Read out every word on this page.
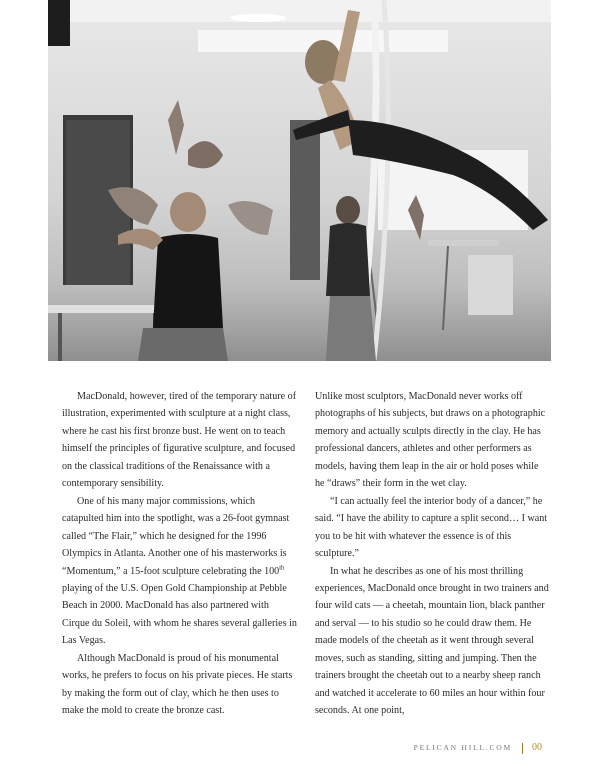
MacDonald, however, tired of the temporary nature of illustration, experimented with sculpture at a night class, where he cast his first bronze bust. He went on to teach himself the principles of figurative sculpture, and focused on the classical traditions of the Renaissance with a contemporary sensibility.

One of his many major commissions, which catapulted him into the spotlight, was a 26-foot gymnast called “The Flair,” which he designed for the 1996 Olympics in Atlanta. Another one of his masterworks is “Momentum,” a 15-foot sculpture celebrating the 100th playing of the U.S. Open Gold Championship at Pebble Beach in 2000. MacDonald has also partnered with Cirque du Soleil, with whom he shares several galleries in Las Vegas.

Although MacDonald is proud of his monumental works, he prefers to focus on his private pieces. He starts by making the form out of clay, which he then uses to make the mold to create the bronze cast.

Unlike most sculptors, MacDonald never works off photographs of his subjects, but draws on a photographic memory and actually sculpts directly in the clay. He has professional dancers, athletes and other performers as models, having them leap in the air or hold poses while he “draws” their form in the wet clay.

“I can actually feel the interior body of a dancer,” he said. “I have the ability to capture a split second… I want you to be hit with whatever the essence is of this sculpture.”

In what he describes as one of his most thrilling experiences, MacDonald once brought in two trainers and four wild cats — a cheetah, mountain lion, black panther and serval — to his studio so he could draw them. He made models of the cheetah as it went through several moves, such as standing, sitting and jumping. Then the trainers brought the cheetah out to a nearby sheep ranch and watched it accelerate to 60 miles an hour within four seconds. At one point,

PELICAN HILL.COM 00
